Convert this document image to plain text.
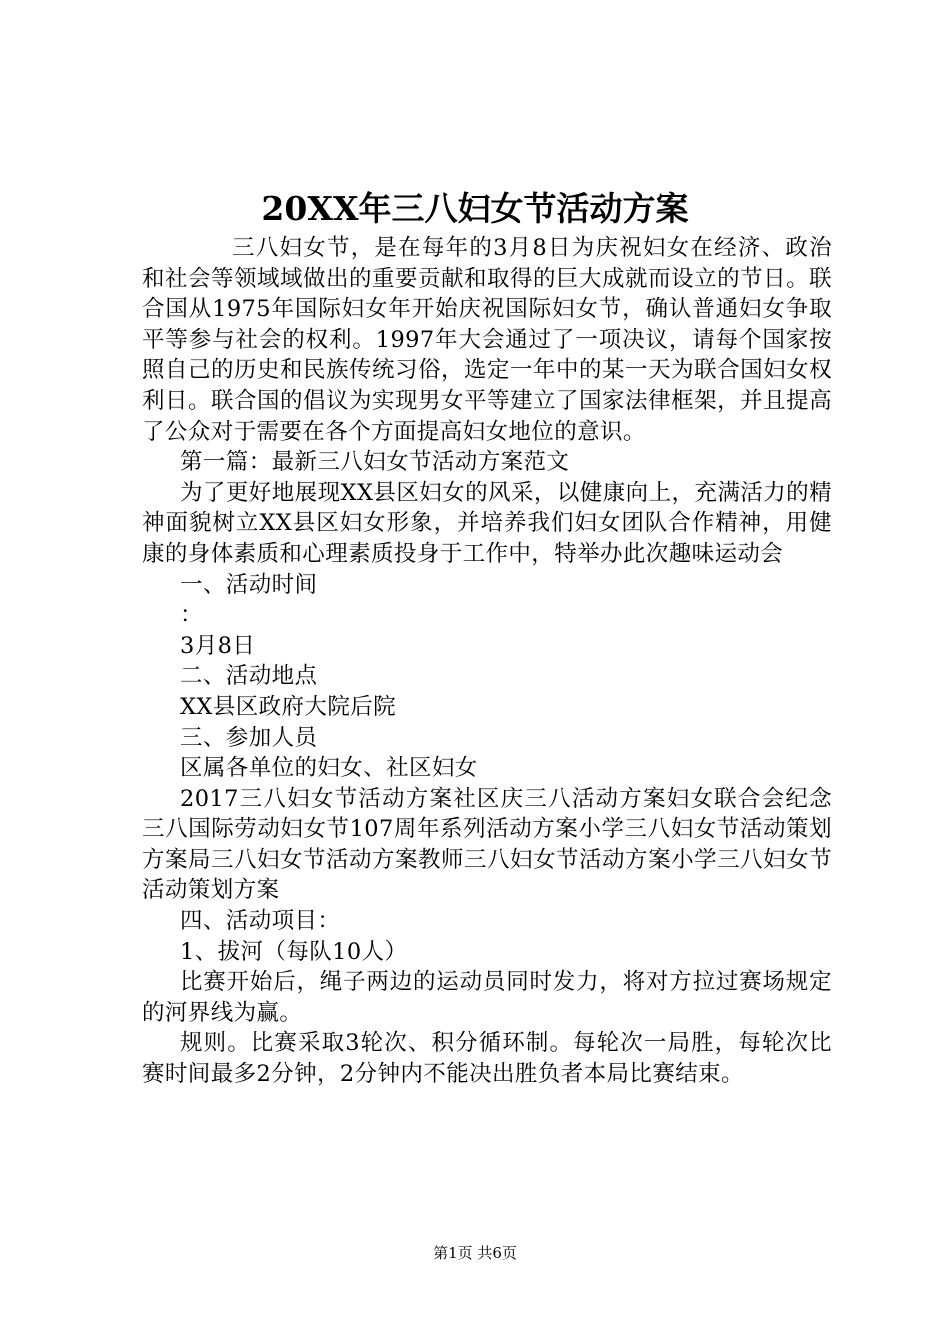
20XX年三八妇女节活动方案

三八妇女节，是在每年的3月8日为庆祝妇女在经济、政治和社会等领域域做出的重要贡献和取得的巨大成就而设立的节日。联合国从1975年国际妇女年开始庆祝国际妇女节，确认普通妇女争取平等参与社会的权利。1997年大会通过了一项决议，请每个国家按照自己的历史和民族传统习俗，选定一年中的某一天为联合国妇女权利日。联合国的倡议为实现男女平等建立了国家法律框架，并且提高了公众对于需要在各个方面提高妇女地位的意识。

第一篇：最新三八妇女节活动方案范文

为了更好地展现XX县区妇女的风采，以健康向上，充满活力的精神面貌树立XX县区妇女形象，并培养我们妇女团队合作精神，用健康的身体素质和心理素质投身于工作中，特举办此次趣味运动会

一、活动时间

：

3月8日

二、活动地点

XX县区政府大院后院

三、参加人员

区属各单位的妇女、社区妇女

2017三八妇女节活动方案社区庆三八活动方案妇女联合会纪念三八国际劳动妇女节107周年系列活动方案小学三八妇女节活动策划方案局三八妇女节活动方案教师三八妇女节活动方案小学三八妇女节活动策划方案

四、活动项目：

1、拔河（每队10人）

比赛开始后，绳子两边的运动员同时发力，将对方拉过赛场规定的河界线为赢。

规则。比赛采取3轮次、积分循环制。每轮次一局胜，每轮次比赛时间最多2分钟，2分钟内不能决出胜负者本局比赛结束。

第1页 共6页
